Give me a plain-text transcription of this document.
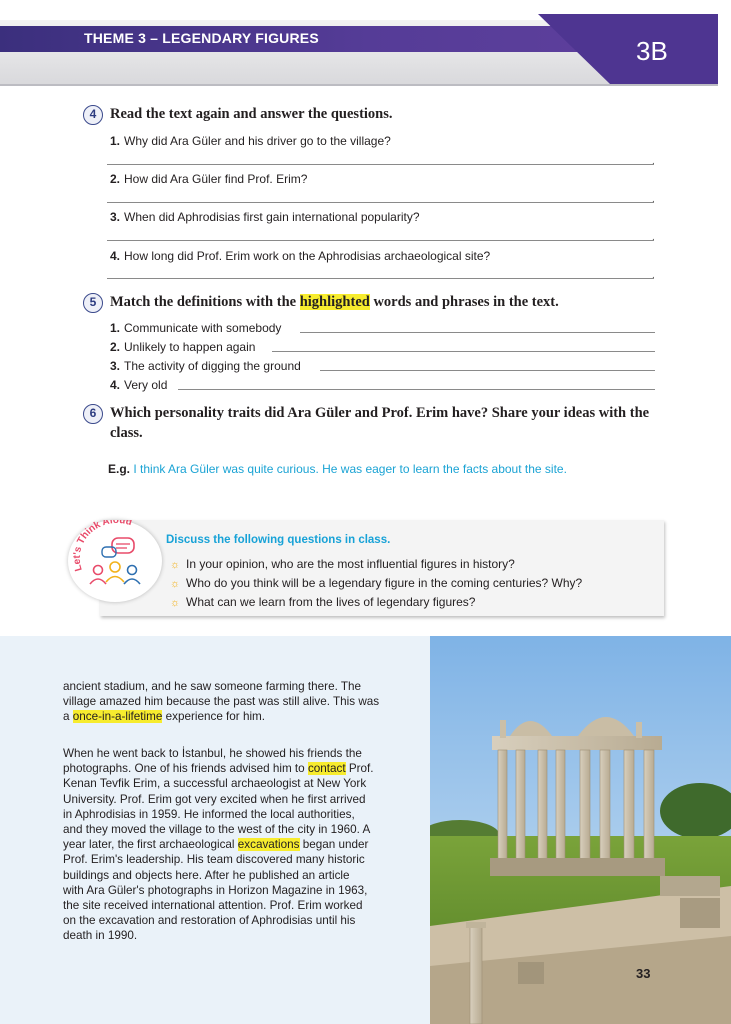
THEME 3 – LEGENDARY FIGURES	3B
4 Read the text again and answer the questions.
1. Why did Ara Güler and his driver go to the village?
.
2. How did Ara Güler find Prof. Erim?
.
3. When did Aphrodisias first gain international popularity?
.
4. How long did Prof. Erim work on the Aphrodisias archaeological site?
.
5 Match the definitions with the highlighted words and phrases in the text.
1. Communicate with somebody
2. Unlikely to happen again
3. The activity of digging the ground
4. Very old
6 Which personality traits did Ara Güler and Prof. Erim have? Share your ideas with the
class.
E.g. I think Ara Güler was quite curious. He was eager to learn the facts about the site.
Let's Think Aloud
Discuss the following questions in class.
☼ In your opinion, who are the most influential figures in history?
☼ Who do you think will be a legendary figure in the coming centuries? Why?
☼ What can we learn from the lives of legendary figures?
ancient stadium, and he saw someone farming there. The
village amazed him because the past was still alive. This was
a once-in-a-lifetime experience for him.
When he went back to İstanbul, he showed his friends the
photographs. One of his friends advised him to contact Prof.
Kenan Tevfik Erim, a successful archaeologist at New York
University. Prof. Erim got very excited when he first arrived
in Aphrodisias in 1959. He informed the local authorities,
and they moved the village to the west of the city in 1960. A
year later, the first archaeological excavations began under
Prof. Erim's leadership. His team discovered many historic
buildings and objects here. After he published an article
with Ara Güler's photographs in Horizon Magazine in 1963,
the site received international attention. Prof. Erim worked
on the excavation and restoration of Aphrodisias until his
death in 1990.
33
